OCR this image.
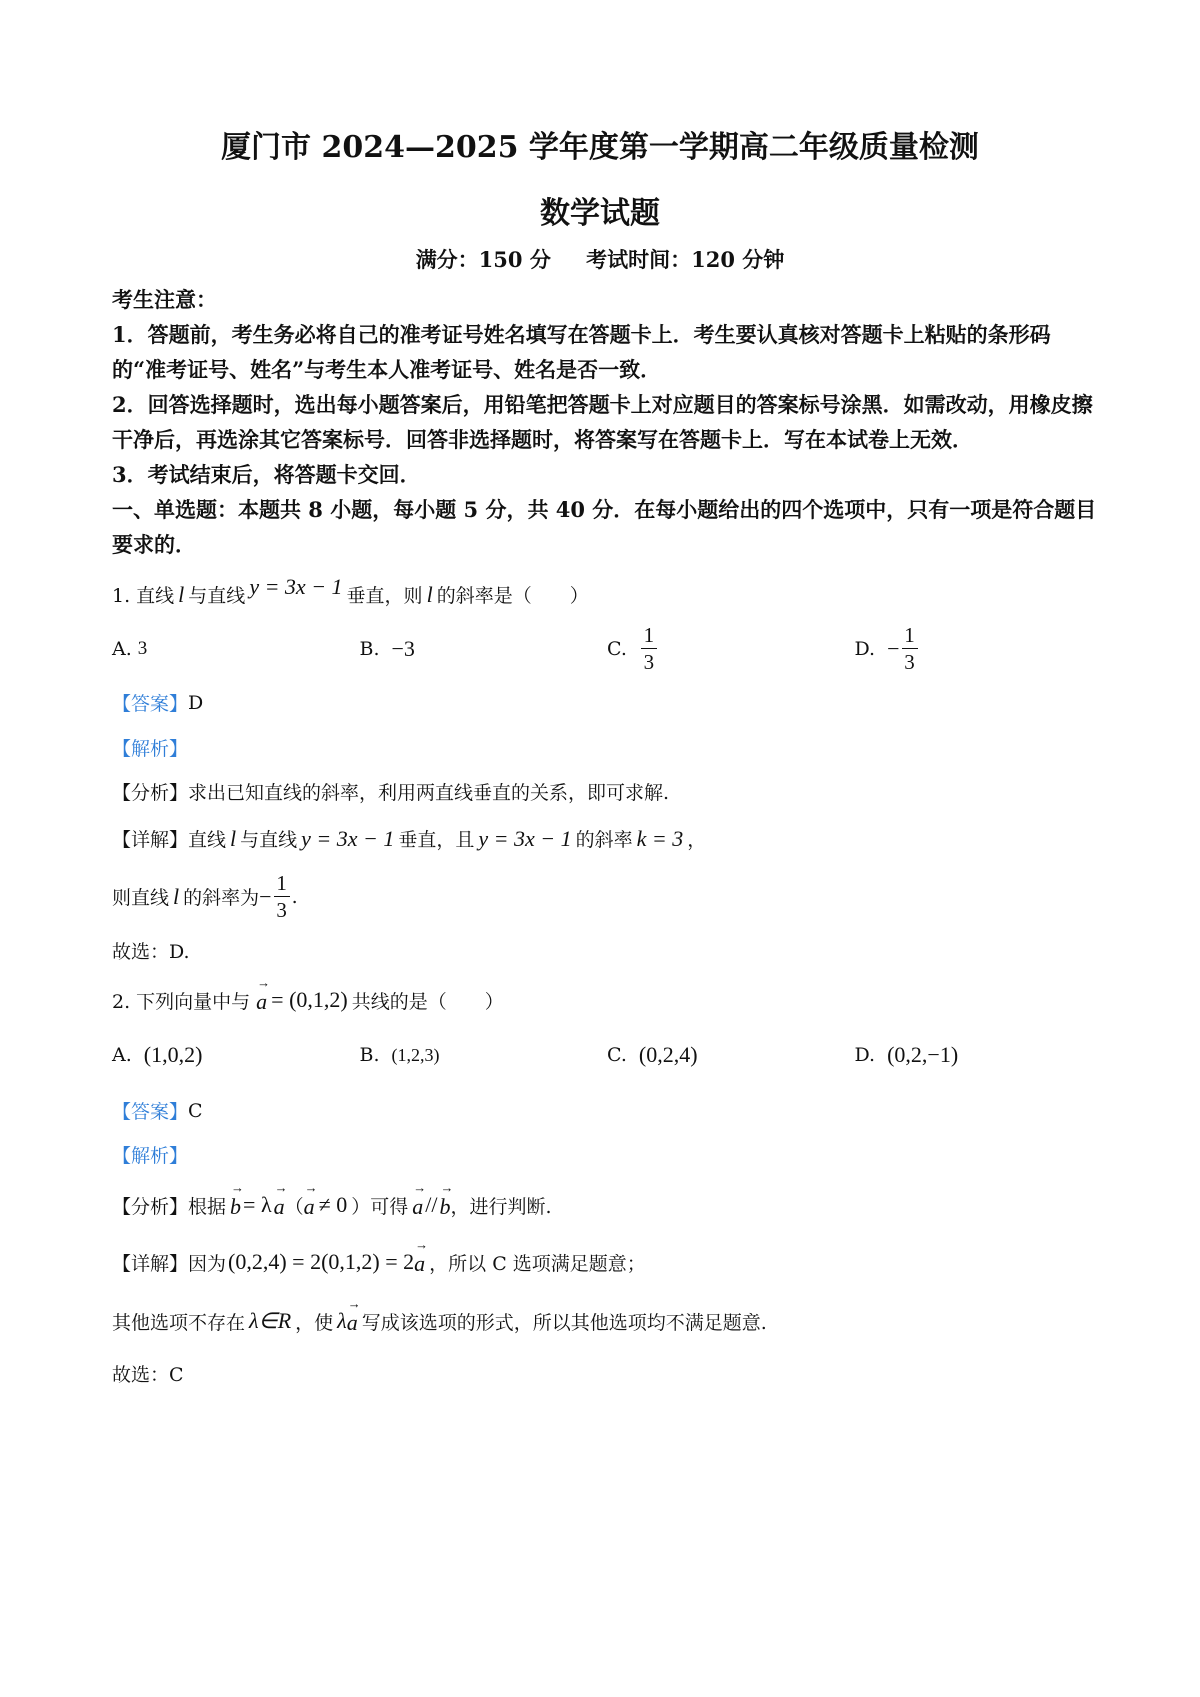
厦门市 2024—2025 学年度第一学期高二年级质量检测
数学试题
满分：150 分 考试时间：120 分钟

考生注意：

1．答题前，考生务必将自己的准考证号姓名填写在答题卡上．考生要认真核对答题卡上粘贴的条形码的“准考证号、姓名”与考生本人准考证号、姓名是否一致．

2．回答选择题时，选出每小题答案后，用铅笔把答题卡上对应题目的答案标号涂黑．如需改动，用橡皮擦干净后，再选涂其它答案标号．回答非选择题时，将答案写在答题卡上．写在本试卷上无效．

3．考试结束后，将答题卡交回．

一、单选题：本题共 8 小题，每小题 5 分，共 40 分．在每小题给出的四个选项中，只有一项是符合题目要求的．

1. 直线 l 与直线 y = 3x − 1 垂直，则 l 的斜率是（　　）
A. 3	B. −3	C. $\frac{1}{3}$	D. − $\frac{1}{3}$
【答案】 D
【解析】
【分析】 求出已知直线的斜率，利用两直线垂直的关系，即可求解.
【详解】 直线 l 与直线 y = 3x − 1 垂直，且 y = 3x − 1 的斜率 k = 3 ，
则直线 l 的斜率为 − $\frac{1}{3}$ .
故选：D.
2. 下列向量中与 → a = (0,1,2) 共线的是（　　）
A. (1,0,2)	B. (1,2,3)	C. (0,2,4)	D. (0,2,−1)
【答案】 C
【解析】
【分析】 根据 → b = λ → a （ → a ≠ 0 ）可得 → a // → b ，进行判断.
【详解】 因为 (0,2,4) = 2(0,1,2) = 2 → a ，所以 C 选项满足题意；
其他选项不存在 λ∈R ，使 λ → a 写成该选项的形式，所以其他选项均不满足题意.
故选：C
